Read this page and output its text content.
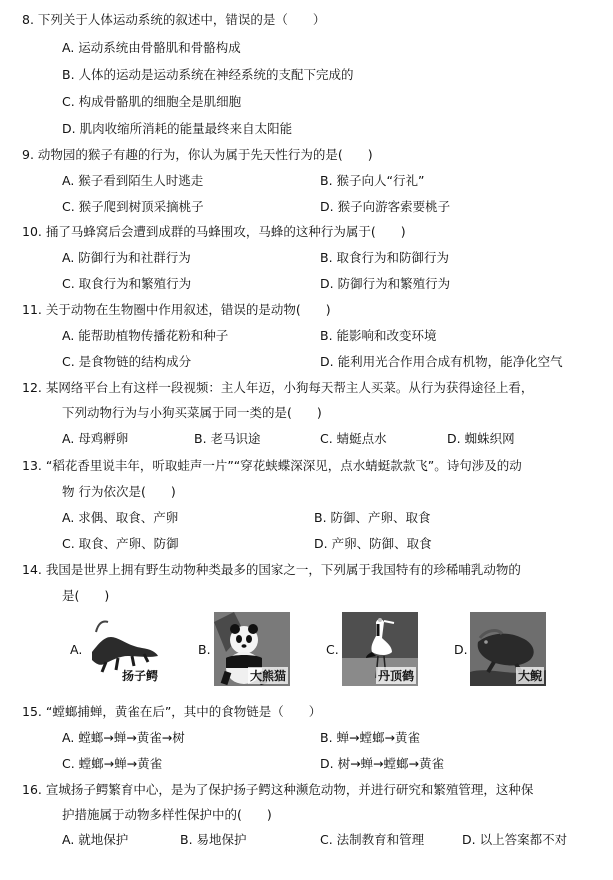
8. 下列关于人体运动系统的叙述中，错误的是（　　）
A. 运动系统由骨骼肌和骨骼构成
B. 人体的运动是运动系统在神经系统的支配下完成的
C. 构成骨骼肌的细胞全是肌细胞
D. 肌肉收缩所消耗的能量最终来自太阳能
9. 动物园的猴子有趣的行为，你认为属于先天性行为的是(　　)
A. 猴子看到陌生人时逃走	B. 猴子向人“行礼”
C. 猴子爬到树顶采摘桃子	D. 猴子向游客索要桃子
10. 捅了马蜂窝后会遭到成群的马蜂围攻，马蜂的这种行为属于(　　)
A. 防御行为和社群行为	B. 取食行为和防御行为
C. 取食行为和繁殖行为	D. 防御行为和繁殖行为
11. 关于动物在生物圈中作用叙述，错误的是动物(　　)
A. 能帮助植物传播花粉和种子	B. 能影响和改变环境
C. 是食物链的结构成分	D. 能利用光合作用合成有机物，能净化空气
12. 某网络平台上有这样一段视频：主人年迈，小狗每天帮主人买菜。从行为获得途径上看，
下列动物行为与小狗买菜属于同一类的是(　　)
A. 母鸡孵卵	B. 老马识途	C. 蜻蜓点水	D. 蜘蛛织网
13. “稻花香里说丰年，听取蛙声一片”“穿花蛱蝶深深见，点水蜻蜓款款飞”。诗句涉及的动
物 行为依次是(　　)
A. 求偶、取食、产卵	B. 防御、产卵、取食
C. 取食、产卵、防御	D. 产卵、防御、取食
14. 我国是世界上拥有野生动物种类最多的国家之一，下列属于我国特有的珍稀哺乳动物的
是(　　)
A.
扬子鳄
B.
大熊猫
C.
丹顶鹤
D.
大鲵
15. “螳螂捕蝉，黄雀在后”，其中的食物链是（　　）
A. 螳螂→蝉→黄雀→树	B. 蝉→螳螂→黄雀
C. 螳螂→蝉→黄雀	D. 树→蝉→螳螂→黄雀
16. 宣城扬子鳄繁育中心，是为了保护扬子鳄这种濒危动物，并进行研究和繁殖管理，这种保
护措施属于动物多样性保护中的(　　)
A. 就地保护	B. 易地保护	C. 法制教育和管理	D. 以上答案都不对
